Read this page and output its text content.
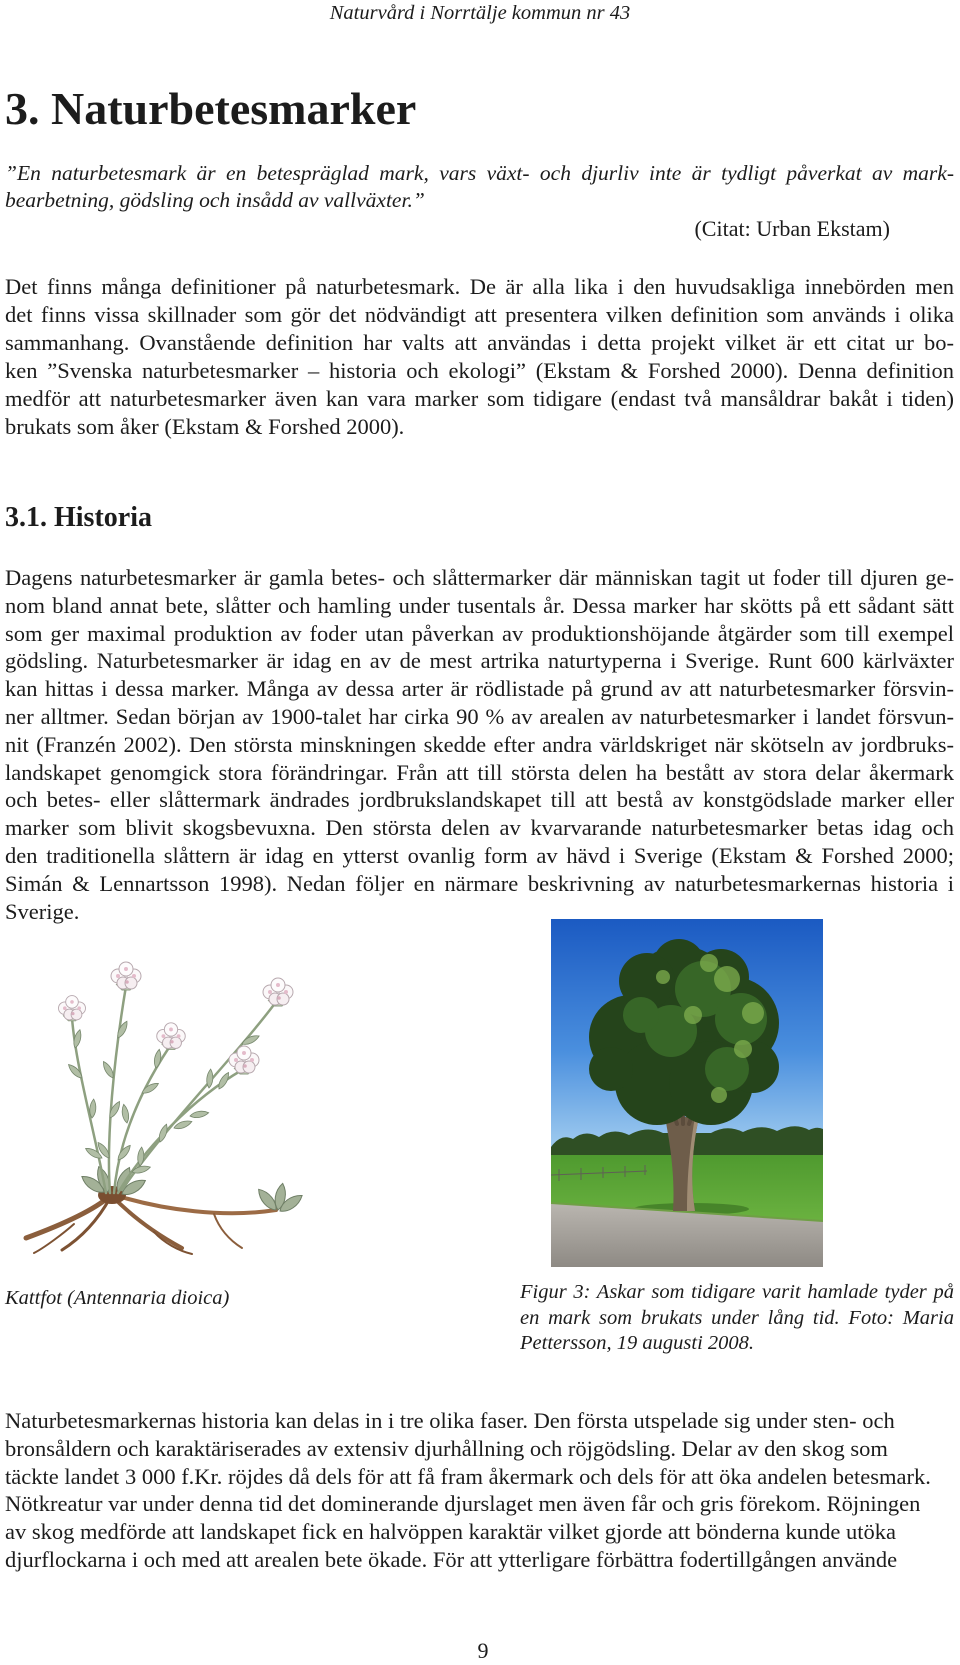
Naturvård i Norrtälje kommun nr 43
3. Naturbetesmarker
”En naturbetesmark är en betespräglad mark, vars växt- och djurliv inte är tydligt påverkat av mark-
bearbetning, gödsling och insådd av vallväxter.”
(Citat: Urban Ekstam)
Det finns många definitioner på naturbetesmark. De är alla lika i den huvudsakliga innebörden men
det finns vissa skillnader som gör det nödvändigt att presentera vilken definition som används i olika
sammanhang. Ovanstående definition har valts att användas i detta projekt vilket är ett citat ur bo-
ken ”Svenska naturbetesmarker – historia och ekologi” (Ekstam & Forshed 2000). Denna definition
medför att naturbetesmarker även kan vara marker som tidigare (endast två mansåldrar bakåt i tiden)
brukats som åker (Ekstam & Forshed 2000).
3.1. Historia
Dagens naturbetesmarker är gamla betes- och slåttermarker där människan tagit ut foder till djuren ge-
nom bland annat bete, slåtter och hamling under tusentals år. Dessa marker har skötts på ett sådant sätt
som ger maximal produktion av foder utan påverkan av produktionshöjande åtgärder som till exempel
gödsling. Naturbetesmarker är idag en av de mest artrika naturtyperna i Sverige. Runt 600 kärlväxter
kan hittas i dessa marker. Många av dessa arter är rödlistade på grund av att naturbetesmarker försvin-
ner alltmer. Sedan början av 1900-talet har cirka 90 % av arealen av naturbetesmarker i landet försvun-
nit (Franzén 2002). Den största minskningen skedde efter andra världskriget när skötseln av jordbruks-
landskapet genomgick stora förändringar. Från att till största delen ha bestått av stora delar åkermark
och betes- eller slåttermark ändrades jordbrukslandskapet till att bestå av konstgödslade marker eller
marker som blivit skogsbevuxna. Den största delen av kvarvarande naturbetesmarker betas idag och
den traditionella slåttern är idag en ytterst ovanlig form av hävd i Sverige (Ekstam & Forshed 2000;
Simán & Lennartsson 1998). Nedan följer en närmare beskrivning av naturbetesmarkernas historia i
Sverige.
Kattfot (Antennaria dioica)	Figur 3: Askar som tidigare varit hamlade tyder på
en mark som brukats under lång tid. Foto: Maria
Pettersson, 19 augusti 2008.
Naturbetesmarkernas historia kan delas in i tre olika faser. Den första utspelade sig under sten- och
bronsåldern och karaktäriserades av extensiv djurhållning och röjgödsling. Delar av den skog som
täckte landet 3 000 f.Kr. röjdes då dels för att få fram åkermark och dels för att öka andelen betesmark.
Nötkreatur var under denna tid det dominerande djurslaget men även får och gris förekom. Röjningen
av skog medförde att landskapet fick en halvöppen karaktär vilket gjorde att bönderna kunde utöka
djurflockarna i och med att arealen bete ökade. För att ytterligare förbättra fodertillgången använde
9
